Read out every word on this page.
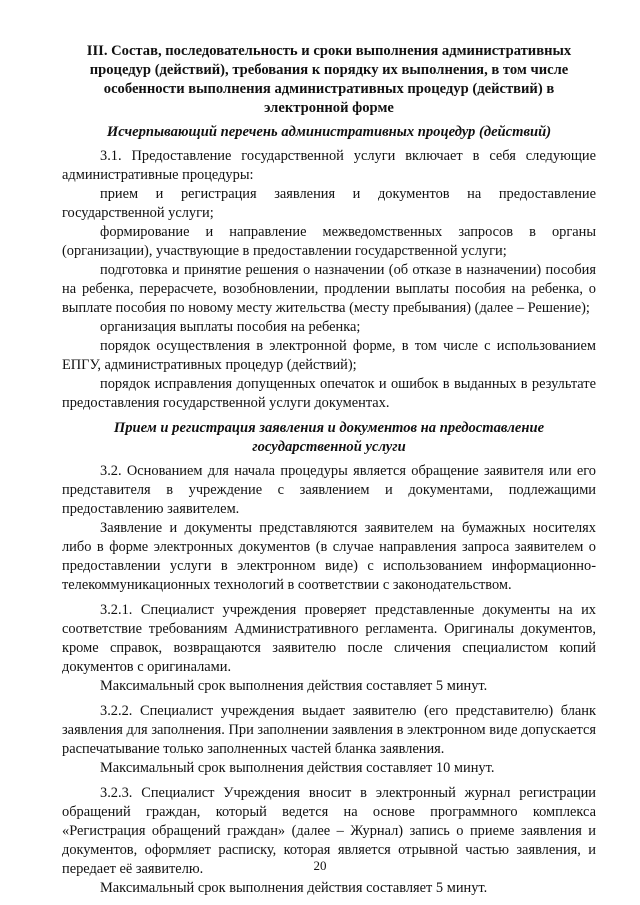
III. Состав, последовательность и сроки выполнения административных процедур (действий), требования к порядку их выполнения, в том числе особенности выполнения административных процедур (действий) в электронной форме
Исчерпывающий перечень административных процедур (действий)

3.1. Предоставление государственной услуги включает в себя следующие административные процедуры:

прием и регистрация заявления и документов на предоставление государственной услуги;

формирование и направление межведомственных запросов в органы (организации), участвующие в предоставлении государственной услуги;

подготовка и принятие решения о назначении (об отказе в назначении) пособия на ребенка, перерасчете, возобновлении, продлении выплаты пособия на ребенка, о выплате пособия по новому месту жительства (месту пребывания) (далее – Решение);

организация выплаты пособия на ребенка;

порядок осуществления в электронной форме, в том числе с использованием ЕПГУ, административных процедур (действий);

порядок исправления допущенных опечаток и ошибок в выданных в результате предоставления государственной услуги документах.

Прием и регистрация заявления и документов на предоставление государственной услуги

3.2. Основанием для начала процедуры является обращение заявителя или его представителя в учреждение с заявлением и документами, подлежащими предоставлению заявителем.

Заявление и документы представляются заявителем на бумажных носителях либо в форме электронных документов (в случае направления запроса заявителем о предоставлении услуги в электронном виде) с использованием информационно-телекоммуникационных технологий в соответствии с законодательством.

3.2.1. Специалист учреждения проверяет представленные документы на их соответствие требованиям Административного регламента. Оригиналы документов, кроме справок, возвращаются заявителю после сличения специалистом копий документов с оригиналами.

Максимальный срок выполнения действия составляет 5 минут.

3.2.2. Специалист учреждения выдает заявителю (его представителю) бланк заявления для заполнения. При заполнении заявления в электронном виде допускается распечатывание только заполненных частей бланка заявления.

Максимальный срок выполнения действия составляет 10 минут.

3.2.3. Специалист Учреждения вносит в электронный журнал регистрации обращений граждан, который ведется на основе программного комплекса «Регистрация обращений граждан» (далее – Журнал) запись о приеме заявления и документов, оформляет расписку, которая является отрывной частью заявления, и передает её заявителю.

Максимальный срок выполнения действия составляет 5 минут.

20
